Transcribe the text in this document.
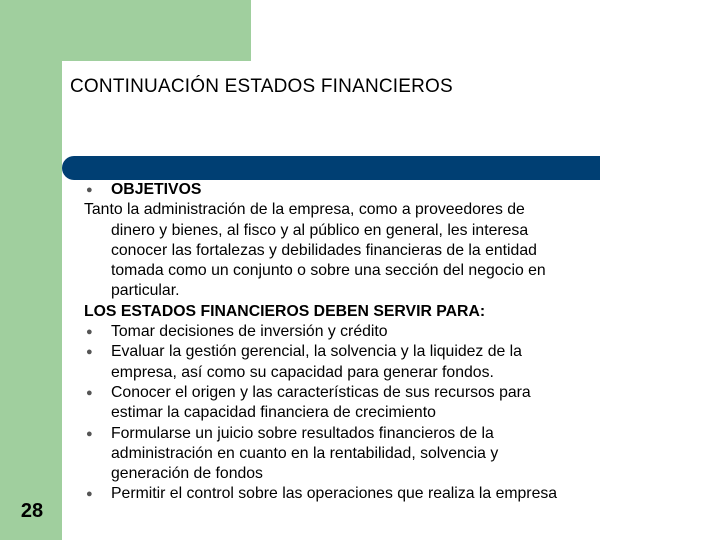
CONTINUACIÓN ESTADOS FINANCIEROS
● OBJETIVOS
Tanto la administración de la empresa, como a proveedores de
dinero y bienes, al fisco y al público en general, les interesa
conocer las fortalezas y debilidades financieras de la entidad
tomada como un conjunto o sobre una sección del negocio en
particular.
LOS ESTADOS FINANCIEROS DEBEN SERVIR PARA:
● Tomar decisiones de inversión y crédito
● Evaluar la gestión gerencial, la solvencia y la liquidez de la
empresa, así como su capacidad para generar fondos.
● Conocer el origen y las características de sus recursos para
estimar la capacidad financiera de crecimiento
● Formularse un juicio sobre resultados financieros de la
administración en cuanto en la rentabilidad, solvencia y
generación de fondos
● Permitir el control sobre las operaciones que realiza la empresa
28
